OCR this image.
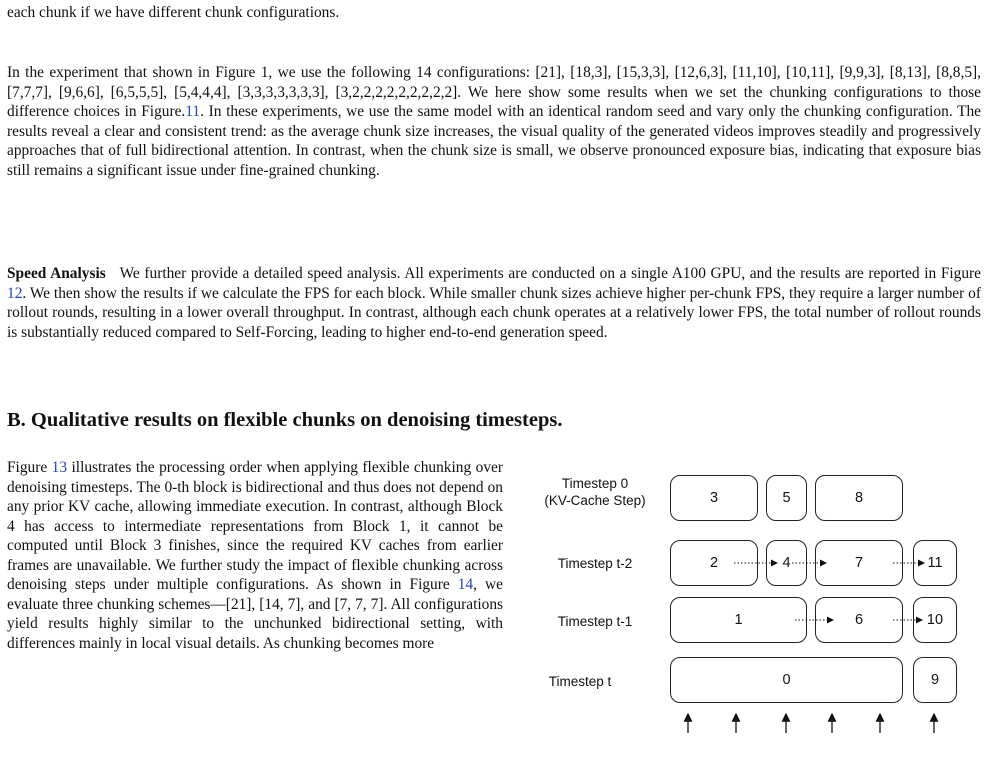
each chunk if we have different chunk configurations.

In the experiment that shown in Figure 1, we use the following 14 configurations: [21], [18,3], [15,3,3], [12,6,3], [11,10], [10,11], [9,9,3], [8,13], [8,8,5], [7,7,7], [9,6,6], [6,5,5,5], [5,4,4,4], [3,3,3,3,3,3,3], [3,2,2,2,2,2,2,2,2,2]. We here show some results when we set the chunking configurations to those difference choices in Figure.11. In these experiments, we use the same model with an identical random seed and vary only the chunking configuration. The results reveal a clear and consistent trend: as the average chunk size increases, the visual quality of the generated videos improves steadily and progressively approaches that of full bidirectional attention. In contrast, when the chunk size is small, we observe pronounced exposure bias, indicating that exposure bias still remains a significant issue under fine-grained chunking.

Speed Analysis We further provide a detailed speed analysis. All experiments are conducted on a single A100 GPU, and the results are reported in Figure 12. We then show the results if we calculate the FPS for each block. While smaller chunk sizes achieve higher per-chunk FPS, they require a larger number of rollout rounds, resulting in a lower overall throughput. In contrast, although each chunk operates at a relatively lower FPS, the total number of rollout rounds is substantially reduced compared to Self-Forcing, leading to higher end-to-end generation speed.

B. Qualitative results on flexible chunks on denoising timesteps.

Figure 13 illustrates the processing order when applying flexible chunking over denoising timesteps. The 0-th block is bidirectional and thus does not depend on any prior KV cache, allowing immediate execution. In contrast, although Block 4 has access to intermediate representations from Block 1, it cannot be computed until Block 3 finishes, since the required KV caches from earlier frames are unavailable. We further study the impact of flexible chunking across denoising steps under multiple configurations. As shown in Figure 14, we evaluate three chunking schemes—[21], [14, 7], and [7, 7, 7]. All configurations yield results highly similar to the unchunked bidirectional setting, with differences mainly in local visual details. As chunking becomes more

Timestep 0
(KV-Cache Step)
Timestep t-2
Timestep t-1
Timestep t
3	5	8
2	4	7	11
1	6	10
0	9
